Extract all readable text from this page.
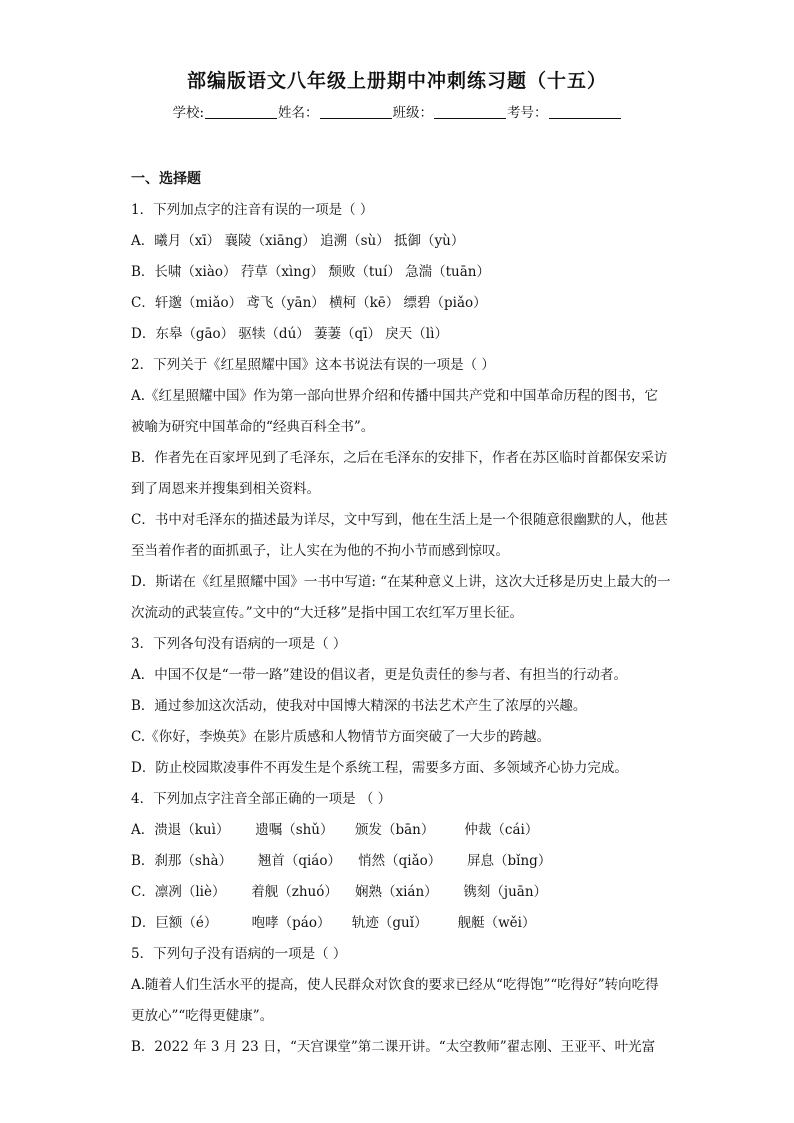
部编版语文八年级上册期中冲刺练习题（十五）
学校:	姓名：	班级：	考号：
一、选择题
1．下列加点字的注音有误的一项是（ ）
A．曦月（xī） 襄陵（xiāng） 追溯（sù） 抵御（yù）
B．长啸（xiào） 荇草（xìng） 颓败（tuí） 急湍（tuān）
C．轩邈（miǎo） 鸢飞（yān） 横柯（kē） 缥碧（piǎo）
D．东皋（gāo） 驱犊（dú） 萋萋（qī） 戾天（lì）
2．下列关于《红星照耀中国》这本书说法有误的一项是（ ）
A.《红星照耀中国》作为第一部向世界介绍和传播中国共产党和中国革命历程的图书，它被喻为研究中国革命的“经典百科全书”。
B．作者先在百家坪见到了毛泽东，之后在毛泽东的安排下，作者在苏区临时首都保安采访到了周恩来并搜集到相关资料。
C．书中对毛泽东的描述最为详尽，文中写到，他在生活上是一个很随意很幽默的人，他甚至当着作者的面抓虱子，让人实在为他的不拘小节而感到惊叹。
D．斯诺在《红星照耀中国》一书中写道: “在某种意义上讲，这次大迁移是历史上最大的一次流动的武装宣传。”文中的“大迁移”是指中国工农红军万里长征。
3．下列各句没有语病的一项是（ ）
A．中国不仅是“一带一路”建设的倡议者，更是负责任的参与者、有担当的行动者。
B．通过参加这次活动，使我对中国博大精深的书法艺术产生了浓厚的兴趣。
C.《你好，李焕英》在影片质感和人物情节方面突破了一大步的跨越。
D．防止校园欺凌事件不再发生是个系统工程，需要多方面、多领域齐心协力完成。
4．下列加点字注音全部正确的一项是 （ ）
A．溃退（kuì）      遗嘱（shǔ）     颁发（bān）       仲裁（cái）
B．刹那（shà）      翘首（qiáo）    悄然（qiǎo）      屏息（bǐng）
C．凛冽（liè）      着舰（zhuó）    娴熟（xián）      镌刻（juān）
D．巨额（é）        咆哮（páo）     轨迹（guǐ）       舰艇（wěi）
5．下列句子没有语病的一项是（ ）
A.随着人们生活水平的提高，使人民群众对饮食的要求已经从“吃得饱”“吃得好”转向吃得更放心”“吃得更健康”。
B．2022 年 3 月 23 日，“天宫课堂”第二课开讲。“太空教师”翟志刚、王亚平、叶光富
